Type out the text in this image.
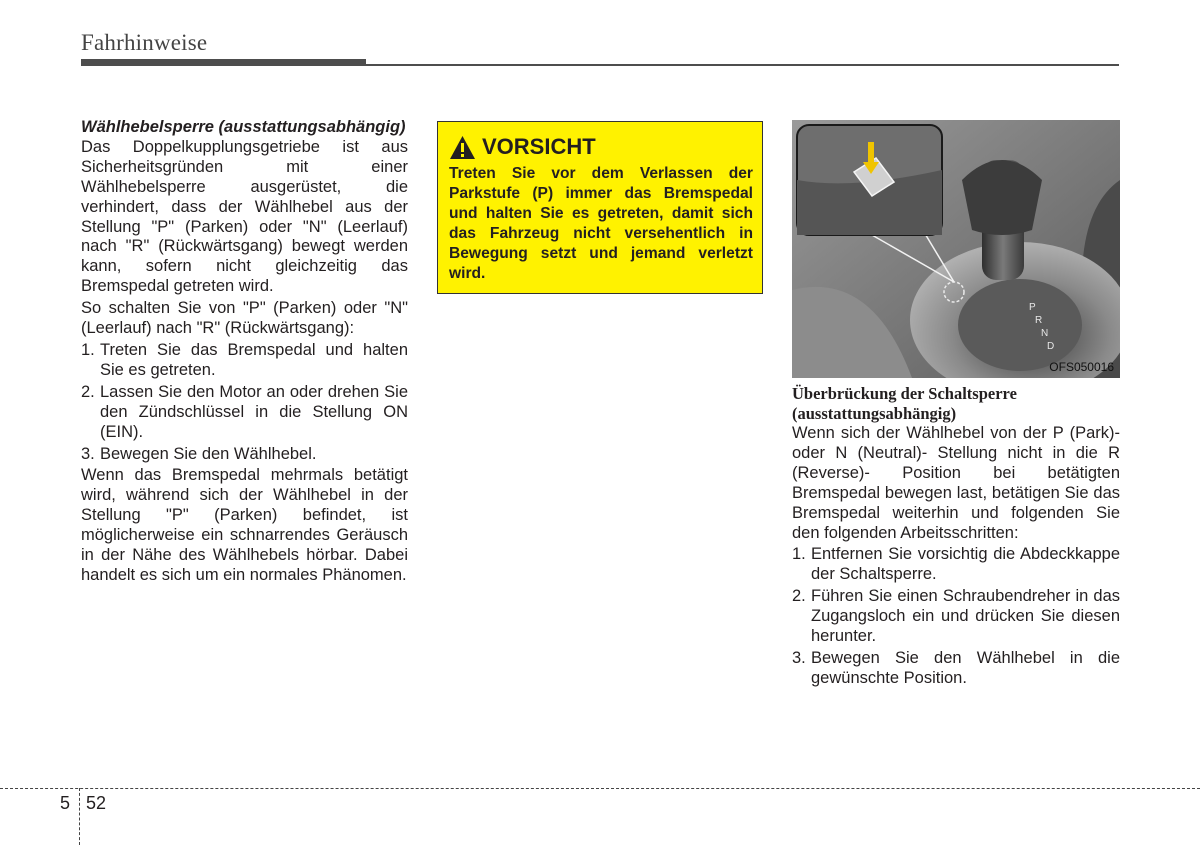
Fahrhinweise

Wählhebelsperre (ausstattungsabhängig)

Das Doppelkupplungsgetriebe ist aus Sicherheitsgründen mit einer Wählhebelsperre ausgerüstet, die verhindert, dass der Wählhebel aus der Stellung "P" (Parken) oder "N" (Leerlauf) nach "R" (Rückwärtsgang) bewegt werden kann, sofern nicht gleichzeitig das Bremspedal getreten wird.

So schalten Sie von "P" (Parken) oder "N" (Leerlauf) nach "R" (Rückwärtsgang):

1. Treten Sie das Bremspedal und halten Sie es getreten.
2. Lassen Sie den Motor an oder drehen Sie den Zündschlüssel in die Stellung ON (EIN).
3. Bewegen Sie den Wählhebel.

Wenn das Bremspedal mehrmals betätigt wird, während sich der Wählhebel in der Stellung "P" (Parken) befindet, ist möglicherweise ein schnarrendes Geräusch in der Nähe des Wählhebels hörbar. Dabei handelt es sich um ein normales Phänomen.

VORSICHT
Treten Sie vor dem Verlassen der Parkstufe (P) immer das Bremspedal und halten Sie es getreten, damit sich das Fahrzeug nicht versehentlich in Bewegung setzt und jemand verletzt wird.
P
R
N
D
OFS050016

Überbrückung der Schaltsperre (ausstattungsabhängig)

Wenn sich der Wählhebel von der P (Park)- oder N (Neutral)- Stellung nicht in die R (Reverse)- Position bei betätigten Bremspedal bewegen last, betätigen Sie das Bremspedal weiterhin und folgenden Sie den folgenden Arbeitsschritten:

1. Entfernen Sie vorsichtig die Abdeckkappe der Schaltsperre.
2. Führen Sie einen Schraubendreher in das Zugangsloch ein und drücken Sie diesen herunter.
3. Bewegen Sie den Wählhebel in die gewünschte Position.
5 52
